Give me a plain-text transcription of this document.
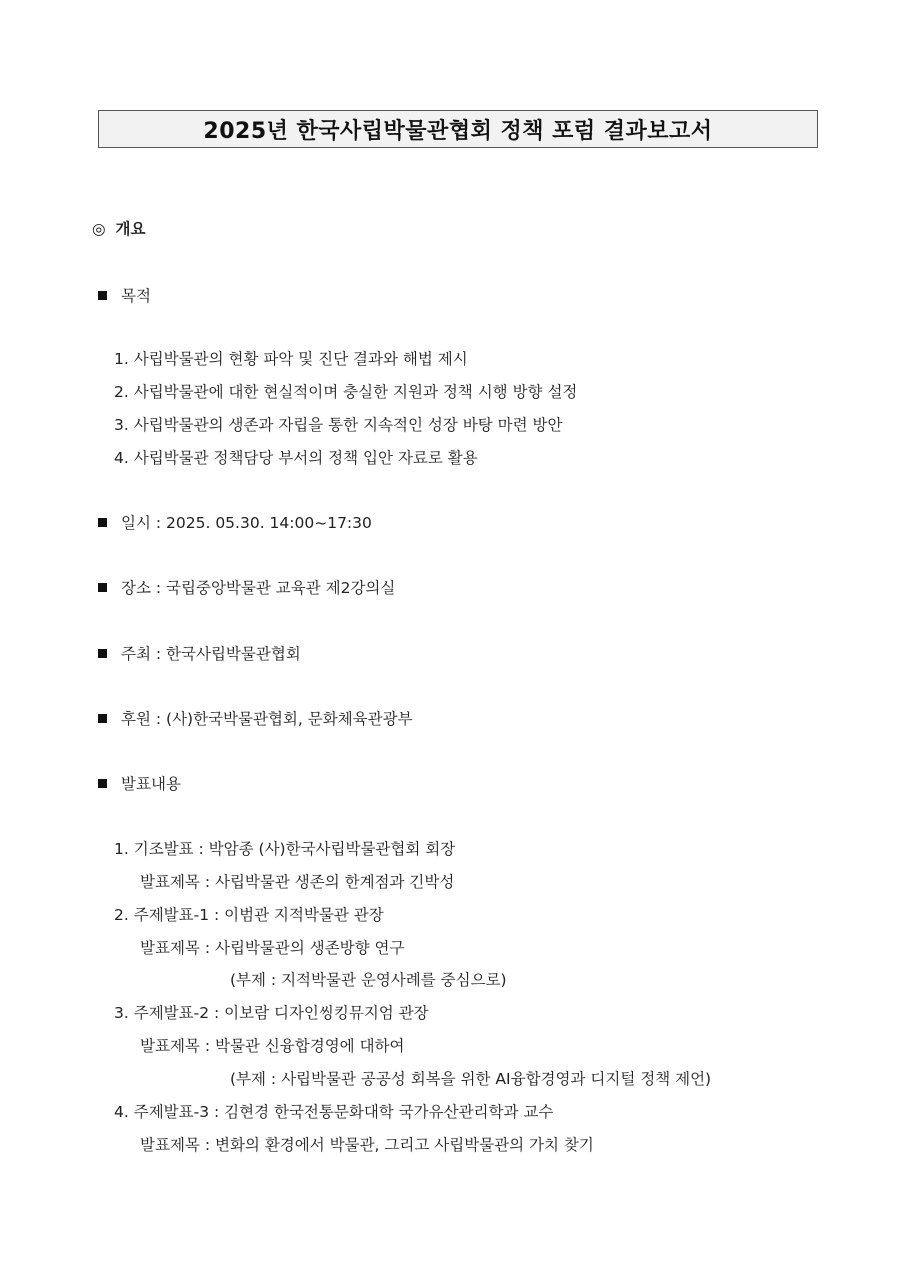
2025년 한국사립박물관협회 정책 포럼 결과보고서
◎ 개요
목적
1. 사립박물관의 현황 파악 및 진단 결과와 해법 제시
2. 사립박물관에 대한 현실적이며 충실한 지원과 정책 시행 방향 설정
3. 사립박물관의 생존과 자립을 통한 지속적인 성장 바탕 마련 방안
4. 사립박물관 정책담당 부서의 정책 입안 자료로 활용
일시 : 2025. 05.30. 14:00~17:30
장소 : 국립중앙박물관 교육관 제2강의실
주최 : 한국사립박물관협회
후원 : (사)한국박물관협회, 문화체육관광부
발표내용
1. 기조발표 : 박암종 (사)한국사립박물관협회 회장
발표제목 : 사립박물관 생존의 한계점과 긴박성
2. 주제발표-1 : 이범관 지적박물관 관장
발표제목 : 사립박물관의 생존방향 연구
(부제 : 지적박물관 운영사례를 중심으로)
3. 주제발표-2 : 이보람 디자인씽킹뮤지엄 관장
발표제목 : 박물관 신융합경영에 대하여
(부제 : 사립박물관 공공성 회복을 위한 AI융합경영과 디지털 정책 제언)
4. 주제발표-3 : 김현경 한국전통문화대학 국가유산관리학과 교수
발표제목 : 변화의 환경에서 박물관, 그리고 사립박물관의 가치 찾기
